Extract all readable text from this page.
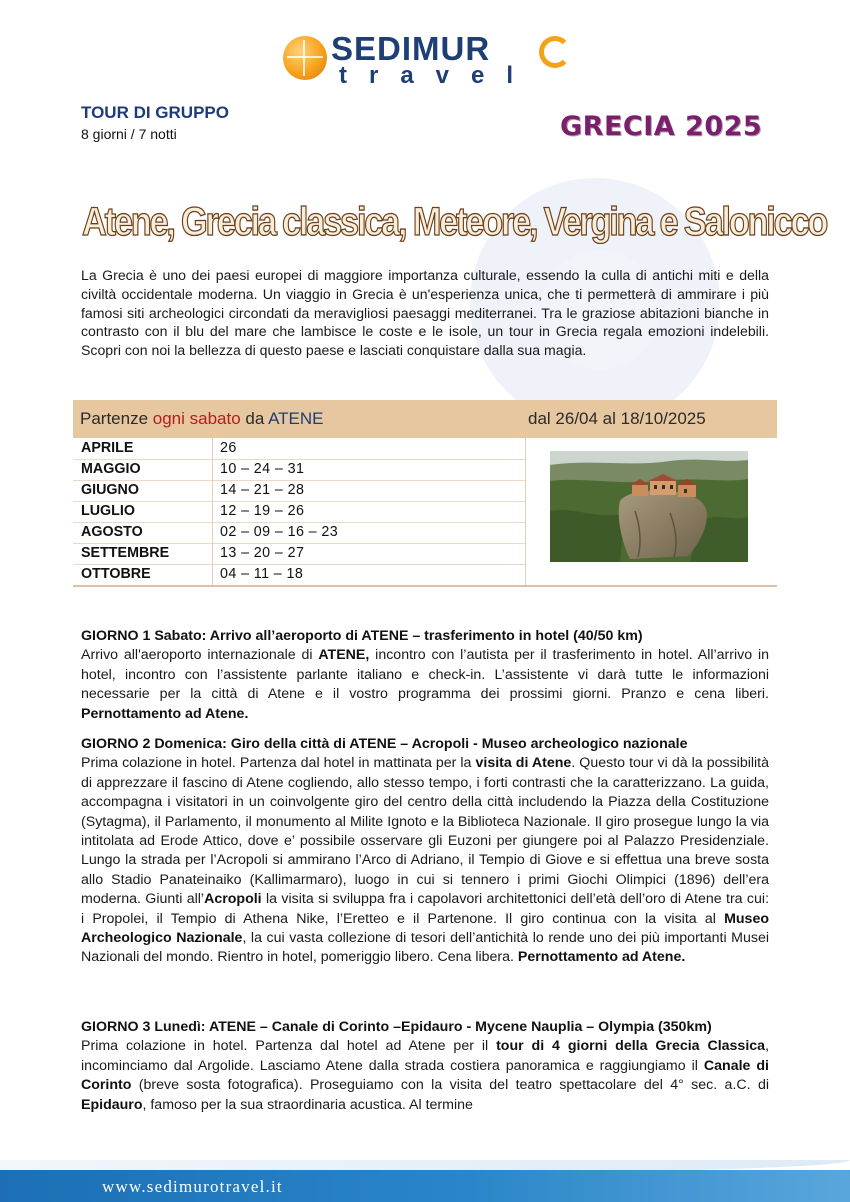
SEDIMUR
travel
TOUR DI GRUPPO
8 giorni / 7 notti	GRECIA 2025
Atene, Grecia classica, Meteore, Vergina e Salonicco
La Grecia è uno dei paesi europei di maggiore importanza culturale, essendo la culla di antichi miti e della civiltà occidentale moderna. Un viaggio in Grecia è un'esperienza unica, che ti permetterà di ammirare i più famosi siti archeologici circondati da meravigliosi paesaggi mediterranei. Tra le graziose abitazioni bianche in contrasto con il blu del mare che lambisce le coste e le isole, un tour in Grecia regala emozioni indelebili. Scopri con noi la bellezza di questo paese e lasciati conquistare dalla sua magia.
Partenze ogni sabato da ATENE	dal 26/04 al 18/10/2025
APRILE	26
MAGGIO	10 – 24 – 31
GIUGNO	14 – 21 – 28
LUGLIO	12 – 19 – 26
AGOSTO	02 – 09 – 16 – 23
SETTEMBRE	13 – 20 – 27
OTTOBRE	04 – 11 – 18

GIORNO 1 Sabato: Arrivo all’aeroporto di ATENE – trasferimento in hotel (40/50 km)

Arrivo all'aeroporto internazionale di ATENE, incontro con l’autista per il trasferimento in hotel. All’arrivo in hotel, incontro con l’assistente parlante italiano e check-in. L’assistente vi darà tutte le informazioni necessarie per la città di Atene e il vostro programma dei prossimi giorni. Pranzo e cena liberi. Pernottamento ad Atene.

GIORNO 2 Domenica: Giro della città di ATENE – Acropoli - Museo archeologico nazionale

Prima colazione in hotel. Partenza dal hotel in mattinata per la visita di Atene. Questo tour vi dà la possibilità di apprezzare il fascino di Atene cogliendo, allo stesso tempo, i forti contrasti che la caratterizzano. La guida, accompagna i visitatori in un coinvolgente giro del centro della città includendo la Piazza della Costituzione (Sytagma), il Parlamento, il monumento al Milite Ignoto e la Biblioteca Nazionale. Il giro prosegue lungo la via intitolata ad Erode Attico, dove e’ possibile osservare gli Euzoni per giungere poi al Palazzo Presidenziale. Lungo la strada per l’Acropoli si ammirano l’Arco di Adriano, il Tempio di Giove e si effettua una breve sosta allo Stadio Panateinaiko (Kallimarmaro), luogo in cui si tennero i primi Giochi Olimpici (1896) dell’era moderna. Giunti all’Acropoli la visita si sviluppa fra i capolavori architettonici dell’età dell’oro di Atene tra cui: i Propolei, il Tempio di Athena Nike, l’Eretteo e il Partenone. Il giro continua con la visita al Museo Archeologico Nazionale, la cui vasta collezione di tesori dell’antichità lo rende uno dei più importanti Musei Nazionali del mondo. Rientro in hotel, pomeriggio libero. Cena libera. Pernottamento ad Atene.

GIORNO 3 Lunedì: ATENE – Canale di Corinto –Epidauro - Mycene Nauplia – Olympia (350km)

Prima colazione in hotel. Partenza dal hotel ad Atene per il tour di 4 giorni della Grecia Classica, incominciamo dal Argolide. Lasciamo Atene dalla strada costiera panoramica e raggiungiamo il Canale di Corinto (breve sosta fotografica). Proseguiamo con la visita del teatro spettacolare del 4° sec. a.C. di Epidauro, famoso per la sua straordinaria acustica. Al termine

www.sedimurotravel.it
